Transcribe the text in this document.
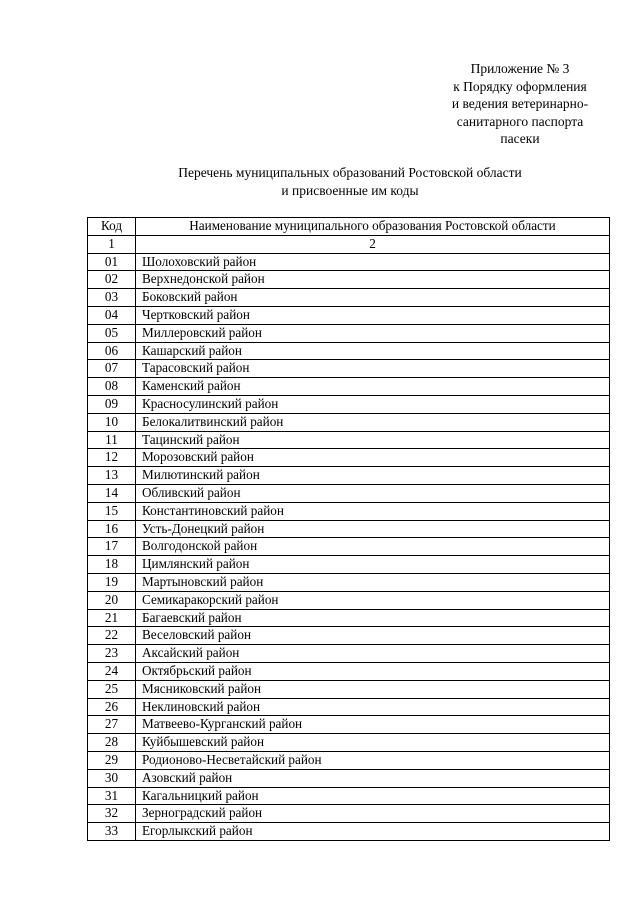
Приложение № 3
к Порядку оформления
и ведения ветеринарно-
санитарного паспорта
пасеки
Перечень муниципальных образований Ростовской области
и присвоенные им коды
Код	Наименование муниципального образования Ростовской области
1	2
01	Шолоховский район
02	Верхнедонской район
03	Боковский район
04	Чертковский район
05	Миллеровский район
06	Кашарский район
07	Тарасовский район
08	Каменский район
09	Красносулинский район
10	Белокалитвинский район
11	Тацинский район
12	Морозовский район
13	Милютинский район
14	Обливский район
15	Константиновский район
16	Усть-Донецкий район
17	Волгодонской район
18	Цимлянский район
19	Мартыновский район
20	Семикаракорский район
21	Багаевский район
22	Веселовский район
23	Аксайский район
24	Октябрьский район
25	Мясниковский район
26	Неклиновский район
27	Матвеево-Курганский район
28	Куйбышевский район
29	Родионово-Несветайский район
30	Азовский район
31	Кагальницкий район
32	Зерноградский район
33	Егорлыкский район
